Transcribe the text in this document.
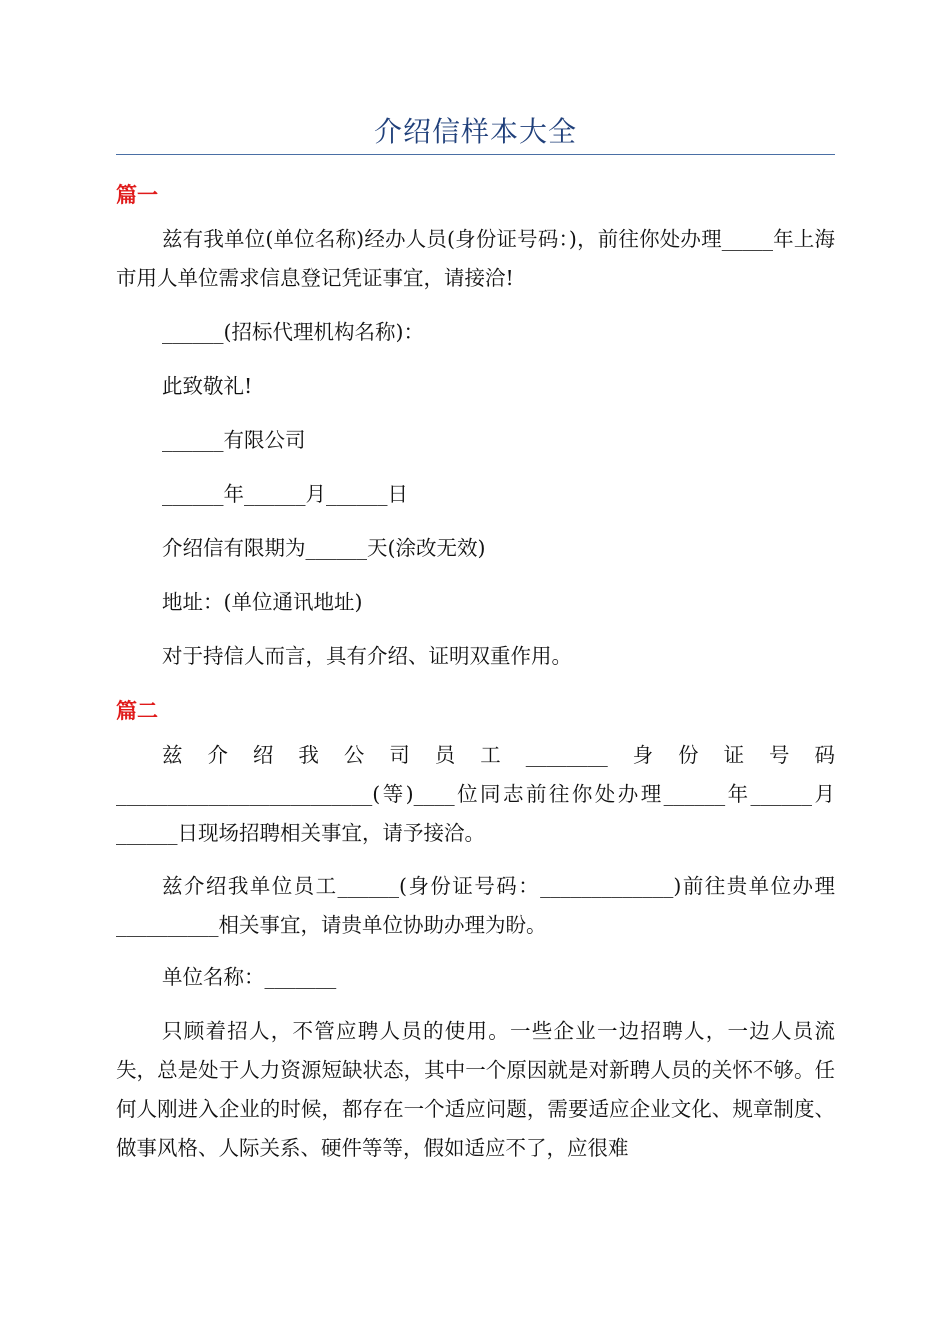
介绍信样本大全
篇一

兹有我单位(单位名称)经办人员(身份证号码：)，前往你处办理_____年上海市用人单位需求信息登记凭证事宜，请接洽!

______(招标代理机构名称)：

此致敬礼!

______有限公司

______年______月______日

介绍信有限期为______天(涂改无效)

地址：(单位通讯地址)

对于持信人而言，具有介绍、证明双重作用。

篇二

兹介绍我公司员工________身份证号码_________________________(等)____位同志前往你处办理______年______月______日现场招聘相关事宜，请予接洽。

兹介绍我单位员工______(身份证号码：_____________)前往贵单位办理__________相关事宜，请贵单位协助办理为盼。

单位名称：_______

只顾着招人，不管应聘人员的使用。一些企业一边招聘人，一边人员流失，总是处于人力资源短缺状态，其中一个原因就是对新聘人员的关怀不够。任何人刚进入企业的时候，都存在一个适应问题，需要适应企业文化、规章制度、做事风格、人际关系、硬件等等，假如适应不了，应很难
